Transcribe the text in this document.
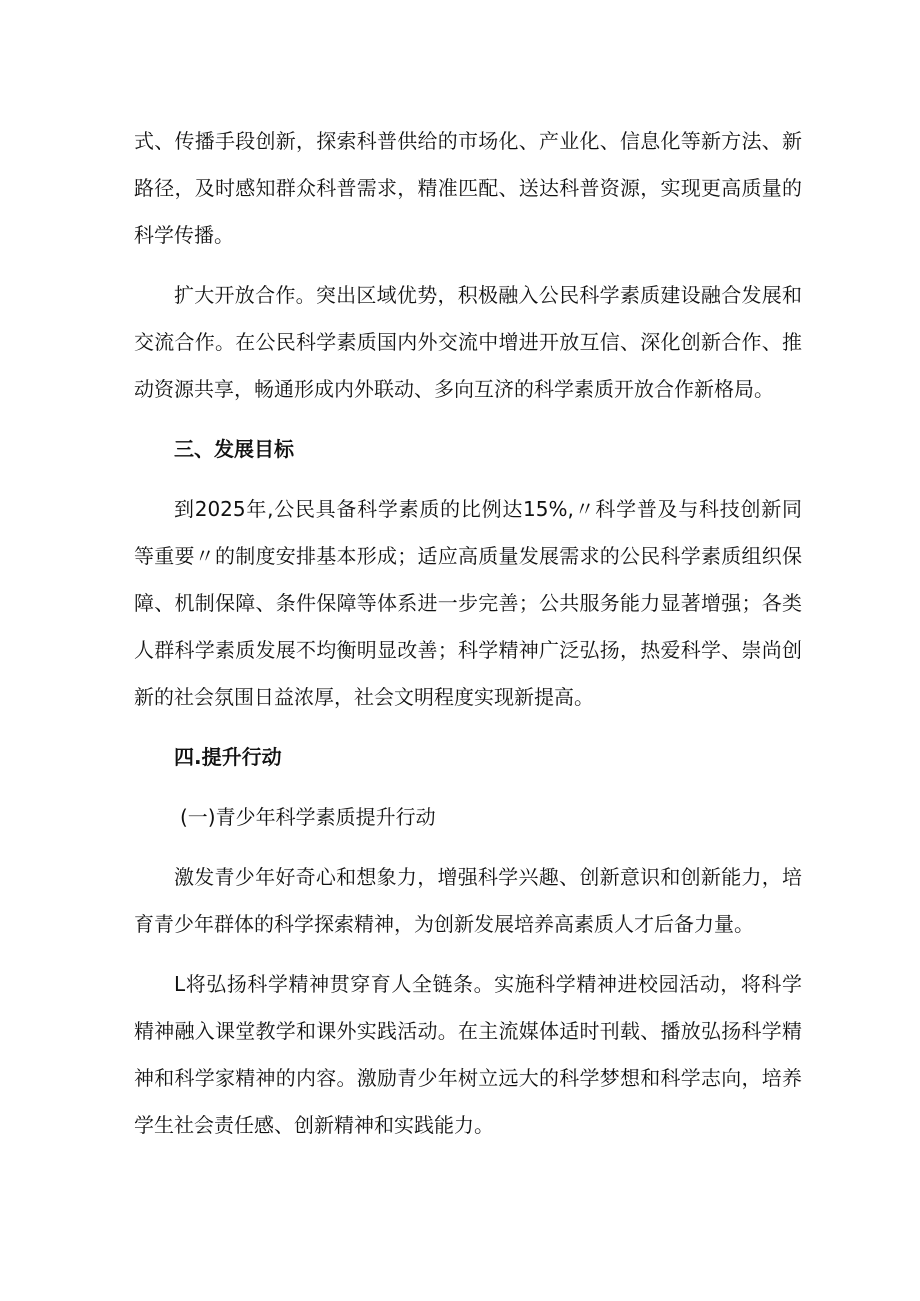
式、传播手段创新，探索科普供给的市场化、产业化、信息化等新方法、新路径，及时感知群众科普需求，精准匹配、送达科普资源，实现更高质量的科学传播。

扩大开放合作。突出区域优势，积极融入公民科学素质建设融合发展和交流合作。在公民科学素质国内外交流中增进开放互信、深化创新合作、推动资源共享，畅通形成内外联动、多向互济的科学素质开放合作新格局。

三、发展目标

到2025年,公民具备科学素质的比例达15%,〃科学普及与科技创新同等重要〃的制度安排基本形成；适应高质量发展需求的公民科学素质组织保障、机制保障、条件保障等体系进一步完善；公共服务能力显著增强；各类人群科学素质发展不均衡明显改善；科学精神广泛弘扬，热爱科学、崇尚创新的社会氛围日益浓厚，社会文明程度实现新提高。

四.提升行动

(一)青少年科学素质提升行动

激发青少年好奇心和想象力，增强科学兴趣、创新意识和创新能力，培育青少年群体的科学探索精神，为创新发展培养高素质人才后备力量。

L将弘扬科学精神贯穿育人全链条。实施科学精神进校园活动，将科学精神融入课堂教学和课外实践活动。在主流媒体适时刊载、播放弘扬科学精神和科学家精神的内容。激励青少年树立远大的科学梦想和科学志向，培养学生社会责任感、创新精神和实践能力。
